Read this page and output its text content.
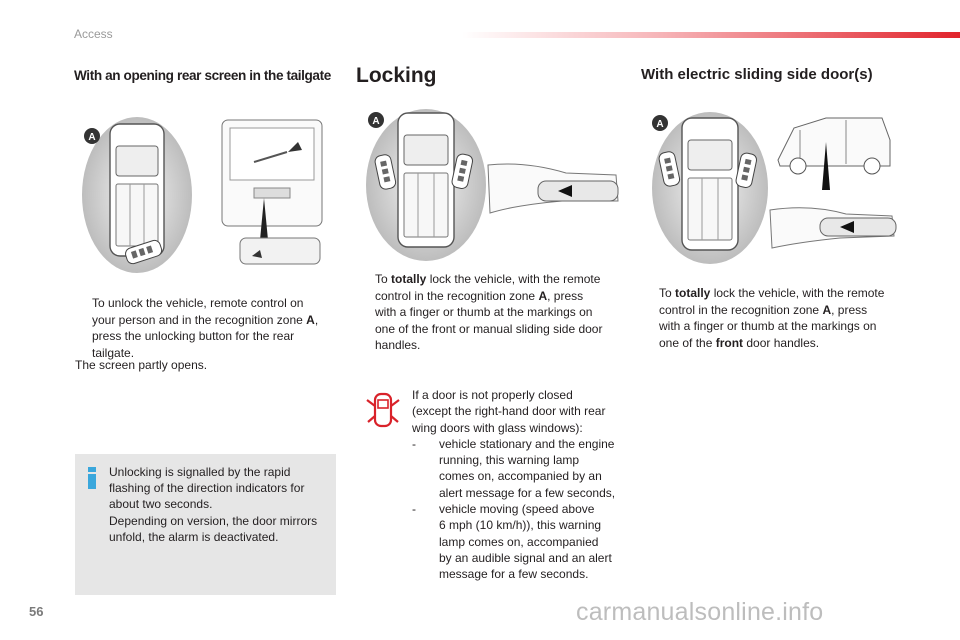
Access
With an opening rear screen in the tailgate Locking	With electric sliding side door(s)
A
To unlock the vehicle, remote control on
your person and in the recognition zone A,
press the unlocking button for the rear
tailgate.
The screen partly opens.
Unlocking is signalled by the rapid
flashing of the direction indicators for
about two seconds.
Depending on version, the door mirrors
unfold, the alarm is deactivated.
A
To totally lock the vehicle, with the remote
control in the recognition zone A, press
with a finger or thumb at the markings on
one of the front or manual sliding side door
handles.
If a door is not properly closed
(except the right-hand door with rear
wing doors with glass windows):
- vehicle stationary and the engine
running, this warning lamp
comes on, accompanied by an
alert message for a few seconds,
- vehicle moving (speed above
6 mph (10 km/h)), this warning
lamp comes on, accompanied
by an audible signal and an alert
message for a few seconds.
A
To totally lock the vehicle, with the remote
control in the recognition zone A, press
with a finger or thumb at the markings on
one of the front door handles.
56	carmanualsonline.info
